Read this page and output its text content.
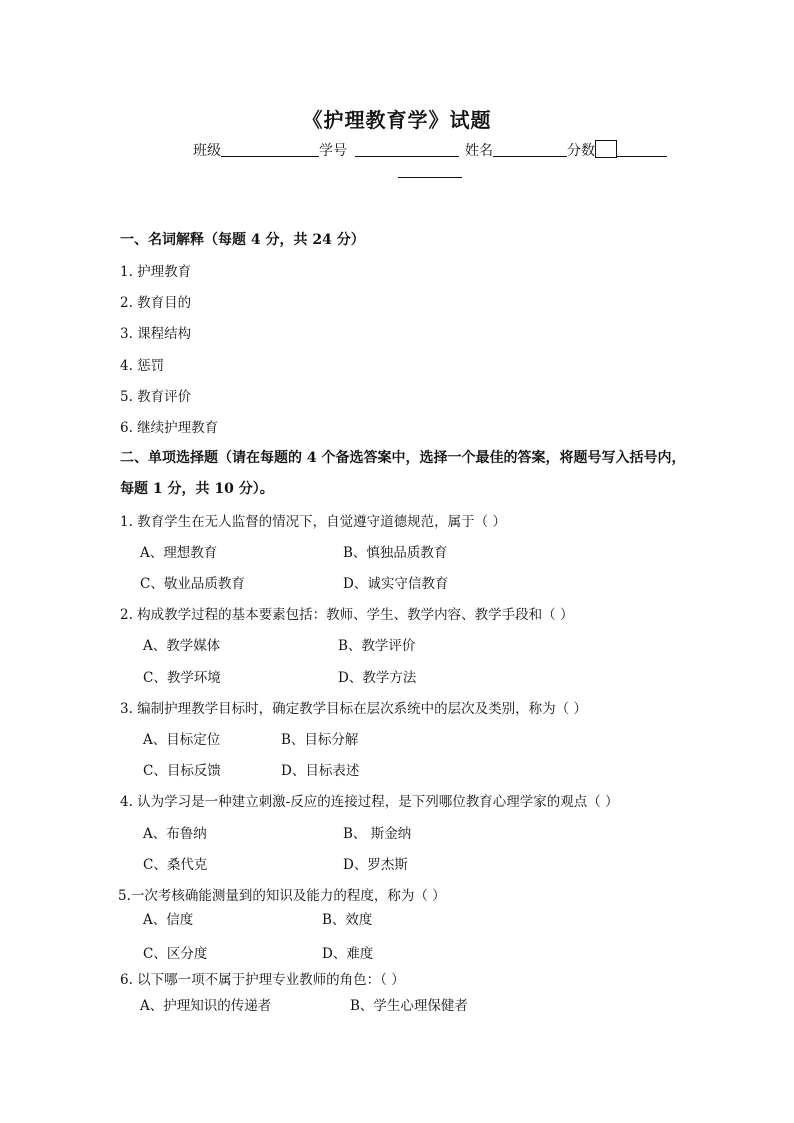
《护理教育学》试题
班级	学号	姓名	分数
一、名词解释（每题 4 分，共 24 分）
1. 护理教育
2. 教育目的
3. 课程结构
4. 惩罚
5. 教育评价
6. 继续护理教育
二、单项选择题（请在每题的 4 个备选答案中，选择一个最佳的答案，将题号写入括号内，
每题 1 分，共 10 分）。
1. 教育学生在无人监督的情况下，自觉遵守道德规范，属于（ ）
A、理想教育	B、慎独品质教育
C、敬业品质教育	D、诚实守信教育
2. 构成教学过程的基本要素包括：教师、学生、教学内容、教学手段和（ ）
A、教学媒体	B、教学评价
C、教学环境	D、教学方法
3. 编制护理教学目标时，确定教学目标在层次系统中的层次及类别，称为（ ）
A、目标定位	B、目标分解
C、目标反馈	D、目标表述
4. 认为学习是一种建立刺激-反应的连接过程，是下列哪位教育心理学家的观点（ ）
A、布鲁纳	B、 斯金纳
C、桑代克	D、罗杰斯
5.一次考核确能测量到的知识及能力的程度，称为（ ）
A、信度	B、效度
C、区分度	D、难度
6. 以下哪一项不属于护理专业教师的角色：（ ）
A、护理知识的传递者	B、学生心理保健者
